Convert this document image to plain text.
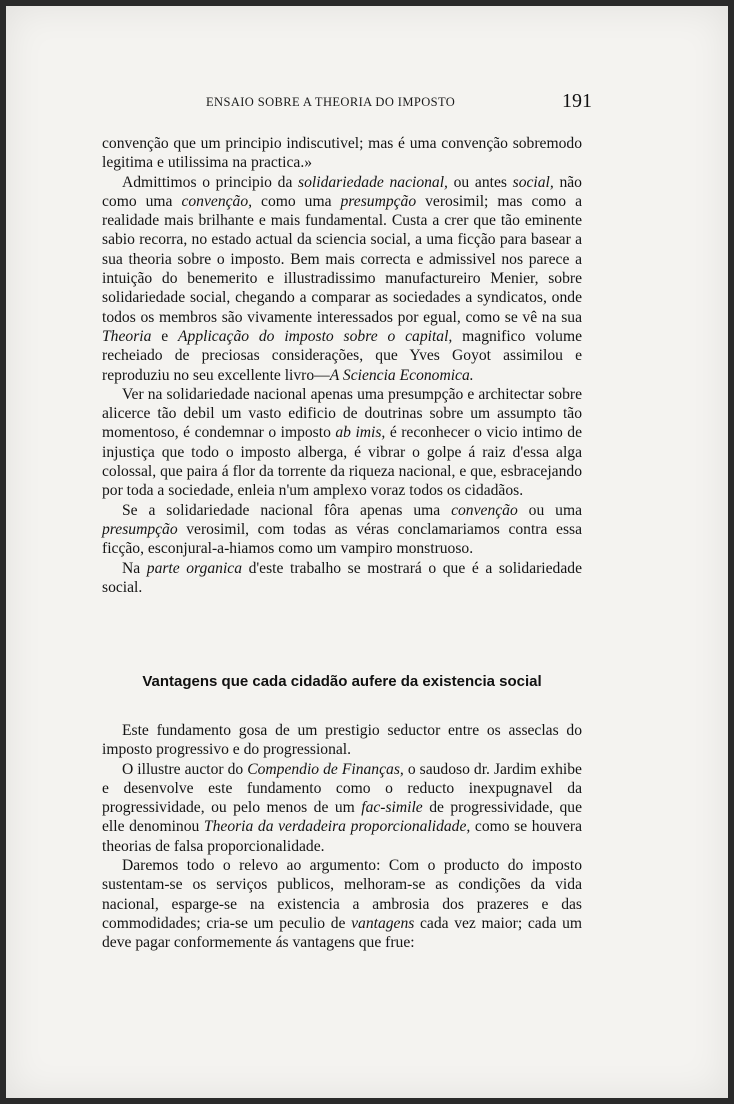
ENSAIO SOBRE A THEORIA DO IMPOSTO	191

convenção que um principio indiscutivel; mas é uma convenção sobremodo legitima e utilissima na practica.»

Admittimos o principio da solidariedade nacional, ou antes social, não como uma convenção, como uma presumpção verosimil; mas como a realidade mais brilhante e mais fundamental. Custa a crer que tão eminente sabio recorra, no estado actual da sciencia social, a uma ficção para basear a sua theoria sobre o imposto. Bem mais correcta e admissivel nos parece a intuição do benemerito e illustradissimo manufactureiro Menier, sobre solidariedade social, chegando a comparar as sociedades a syndicatos, onde todos os membros são vivamente interessados por egual, como se vê na sua Theoria e Applicação do imposto sobre o capital, magnifico volume recheiado de preciosas considerações, que Yves Goyot assimilou e reproduziu no seu excellente livro—A Sciencia Economica.

Ver na solidariedade nacional apenas uma presumpção e architectar sobre alicerce tão debil um vasto edificio de doutrinas sobre um assumpto tão momentoso, é condemnar o imposto ab imis, é reconhecer o vicio intimo de injustiça que todo o imposto alberga, é vibrar o golpe á raiz d'essa alga colossal, que paira á flor da torrente da riqueza nacional, e que, esbracejando por toda a sociedade, enleia n'um amplexo voraz todos os cidadãos.

Se a solidariedade nacional fôra apenas uma convenção ou uma presumpção verosimil, com todas as véras conclamariamos contra essa ficção, esconjural-a-hiamos como um vampiro monstruoso.

Na parte organica d'este trabalho se mostrará o que é a solidariedade social.

Vantagens que cada cidadão aufere da existencia social

Este fundamento gosa de um prestigio seductor entre os asseclas do imposto progressivo e do progressional.

O illustre auctor do Compendio de Finanças, o saudoso dr. Jardim exhibe e desenvolve este fundamento como o reducto inexpugnavel da progressividade, ou pelo menos de um fac-simile de progressividade, que elle denominou Theoria da verdadeira proporcionalidade, como se houvera theorias de falsa proporcionalidade.

Daremos todo o relevo ao argumento: Com o producto do imposto sustentam-se os serviços publicos, melhoram-se as condições da vida nacional, esparge-se na existencia a ambrosia dos prazeres e das commodidades; cria-se um peculio de vantagens cada vez maior; cada um deve pagar conformemente ás vantagens que frue:
